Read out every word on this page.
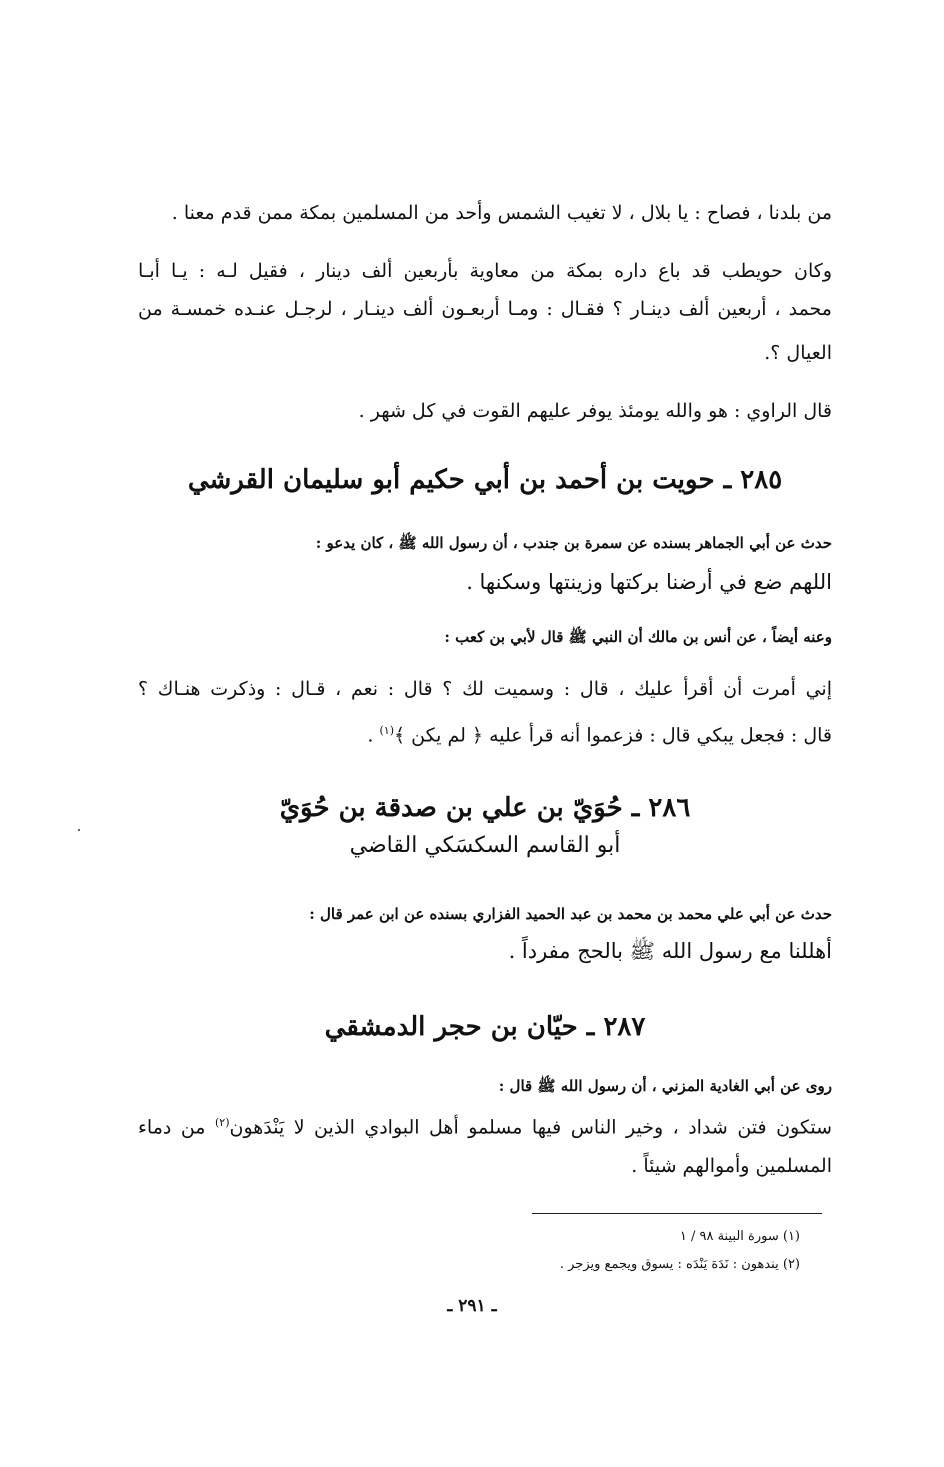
من بلدنا ، فصاح : يا بلال ، لا تغيب الشمس وأحد من المسلمين بمكة ممن قدم معنا .
وكان حويطب قد باع داره بمكة من معاوية بأربعين ألف دينار ، فقيل لـه : يـا أبـا
محمد ، أربعين ألف دينـار ؟ فقـال : ومـا أربعـون ألف دينـار ، لرجـل عنـده خمسـة من
العيال ؟.
قال الراوي : هو والله يومئذ يوفر عليهم القوت في كل شهر .
٢٨٥ ـ حويت بن أحمد بن أبي حكيم أبو سليمان القرشي
حدث عن أبي الجماهر بسنده عن سمرة بن جندب ، أن رسول الله ﷺ ، كان يدعو :
اللهم ضع في أرضنا بركتها وزينتها وسكنها .
وعنه أيضاً ، عن أنس بن مالك أن النبي ﷺ قال لأبي بن كعب :
إني أمرت أن أقرأ عليك ، قال : وسميت لك ؟ قال : نعم ، قـال : وذكرت هنـاك ؟
قال : فجعل يبكي قال : فزعموا أنه قرأ عليه ﴿ لم يكن ﴾$^{(١)}$ .
٢٨٦ ـ حُوَيّ بن علي بن صدقة بن حُوَيّ
أبو القاسم السكسَكي القاضي
حدث عن أبي علي محمد بن محمد بن عبد الحميد الفزاري بسنده عن ابن عمر قال :
أهللنا مع رسول الله ﷺ بالحج مفرداً .
٢٨٧ ـ حيّان بن حجر الدمشقي
روى عن أبي الغادية المزني ، أن رسول الله ﷺ قال :
ستكون فتن شداد ، وخير الناس فيها مسلمو أهل البوادي الذين لا يَنْدَهون$^{(٢)}$ من دماء
المسلمين وأموالهم شيئاً .
(١) سورة البينة ٩٨ / ١
(٢) يندهون : نَدَهَ يَنْدَه : يسوق ويجمع ويزجر .
ـ ٢٩١ ـ
